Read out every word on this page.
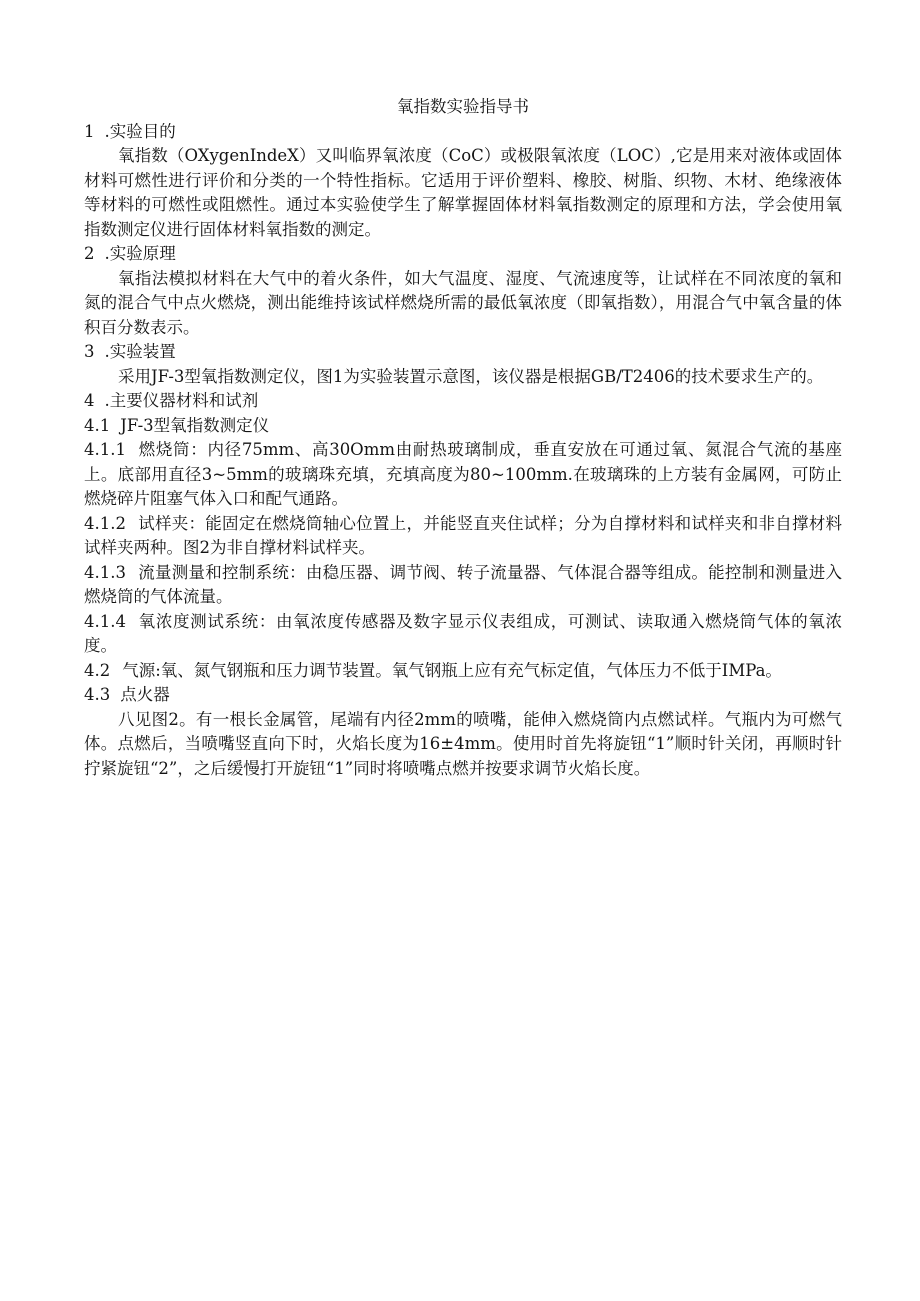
氧指数实验指导书
1 .实验目的

氧指数（OXygenIndeX）又叫临界氧浓度（CoC）或极限氧浓度（LOC）,它是用来对液体或固体材料可燃性进行评价和分类的一个特性指标。它适用于评价塑料、橡胶、树脂、织物、木材、绝缘液体等材料的可燃性或阻燃性。通过本实验使学生了解掌握固体材料氧指数测定的原理和方法，学会使用氧指数测定仪进行固体材料氧指数的测定。

2 .实验原理

氧指法模拟材料在大气中的着火条件，如大气温度、湿度、气流速度等，让试样在不同浓度的氧和氮的混合气中点火燃烧，测出能维持该试样燃烧所需的最低氧浓度（即氧指数），用混合气中氧含量的体积百分数表示。

3 .实验装置

采用JF-3型氧指数测定仪，图1为实验装置示意图，该仪器是根据GB/T2406的技术要求生产的。

4 .主要仪器材料和试剂
4.1 JF-3型氧指数测定仪

4.1.1 燃烧筒：内径75mm、高30Omm由耐热玻璃制成，垂直安放在可通过氧、氮混合气流的基座上。底部用直径3~5mm的玻璃珠充填，充填高度为80~100mm.在玻璃珠的上方装有金属网，可防止燃烧碎片阻塞气体入口和配气通路。

4.1.2 试样夹：能固定在燃烧筒轴心位置上，并能竖直夹住试样；分为自撑材料和试样夹和非自撑材料试样夹两种。图2为非自撑材料试样夹。

4.1.3 流量测量和控制系统：由稳压器、调节阀、转子流量器、气体混合器等组成。能控制和测量进入燃烧筒的气体流量。

4.1.4 氧浓度测试系统：由氧浓度传感器及数字显示仪表组成，可测试、读取通入燃烧筒气体的氧浓度。

4.2 气源:氧、氮气钢瓶和压力调节装置。氧气钢瓶上应有充气标定值，气体压力不低于IMPa。

4.3 点火器

八见图2。有一根长金属管，尾端有内径2mm的喷嘴，能伸入燃烧筒内点燃试样。气瓶内为可燃气体。点燃后，当喷嘴竖直向下时，火焰长度为16±4mm。使用时首先将旋钮“1”顺时针关闭，再顺时针拧紧旋钮“2”，之后缓慢打开旋钮“1”同时将喷嘴点燃并按要求调节火焰长度。
